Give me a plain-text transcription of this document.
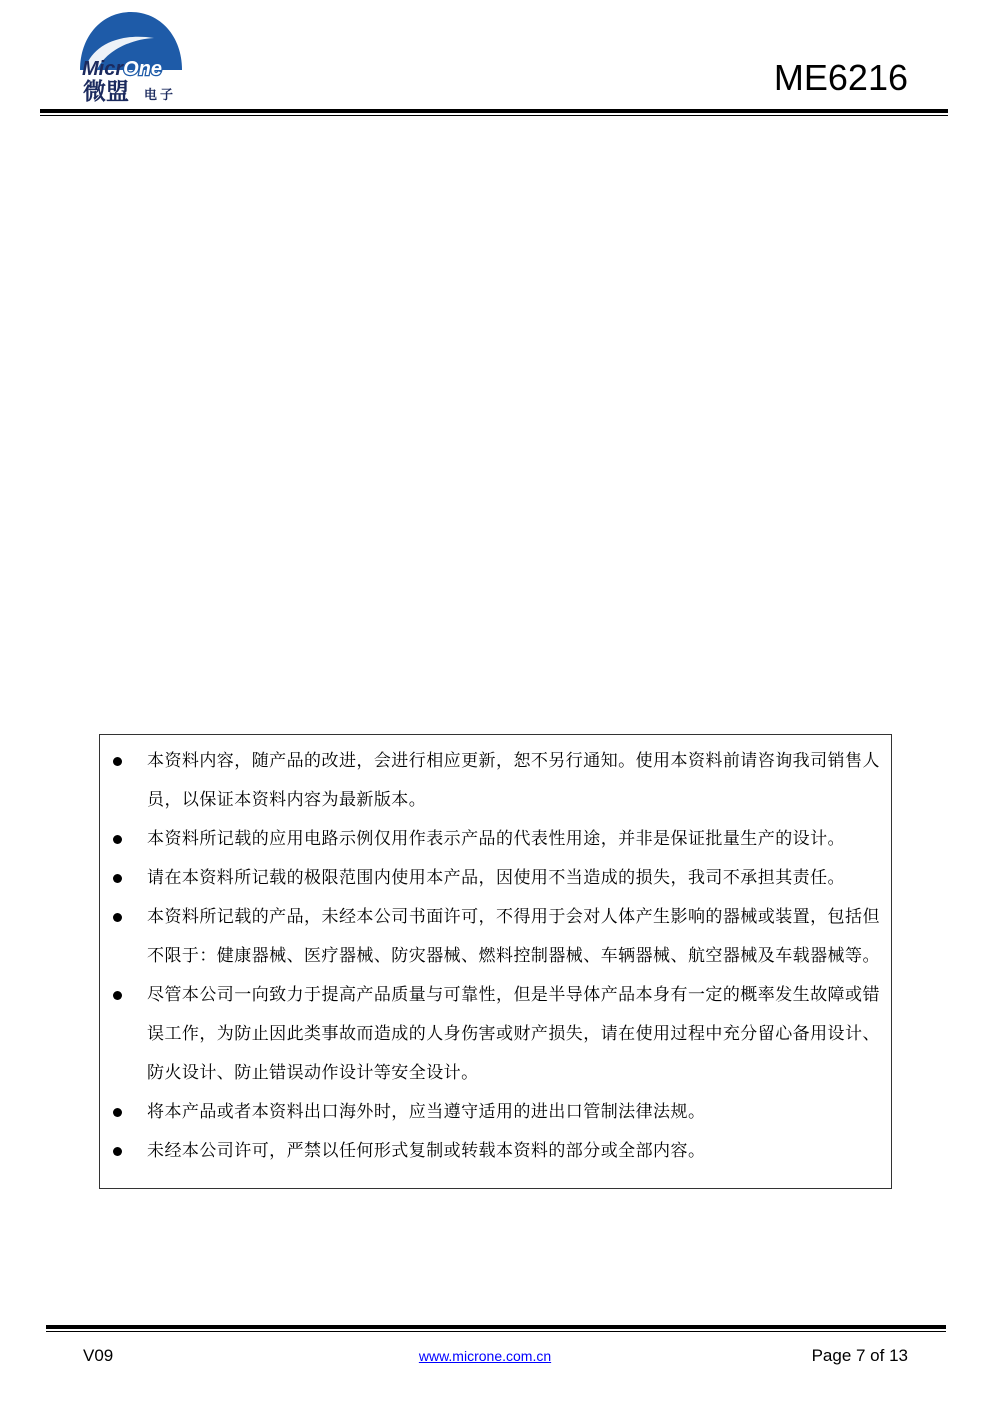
MicrOne
微盟 电子	ME6216
本资料内容，随产品的改进，会进行相应更新，恕不另行通知。使用本资料前请咨询我司销售人员，以保证本资料内容为最新版本。
本资料所记载的应用电路示例仅用作表示产品的代表性用途，并非是保证批量生产的设计。
请在本资料所记载的极限范围内使用本产品，因使用不当造成的损失，我司不承担其责任。
本资料所记载的产品，未经本公司书面许可，不得用于会对人体产生影响的器械或装置，包括但不限于：健康器械、医疗器械、防灾器械、燃料控制器械、车辆器械、航空器械及车载器械等。
尽管本公司一向致力于提高产品质量与可靠性，但是半导体产品本身有一定的概率发生故障或错误工作，为防止因此类事故而造成的人身伤害或财产损失，请在使用过程中充分留心备用设计、防火设计、防止错误动作设计等安全设计。
将本产品或者本资料出口海外时，应当遵守适用的进出口管制法律法规。
未经本公司许可，严禁以任何形式复制或转载本资料的部分或全部内容。
V09	www.microne.com.cn	Page 7 of 13
